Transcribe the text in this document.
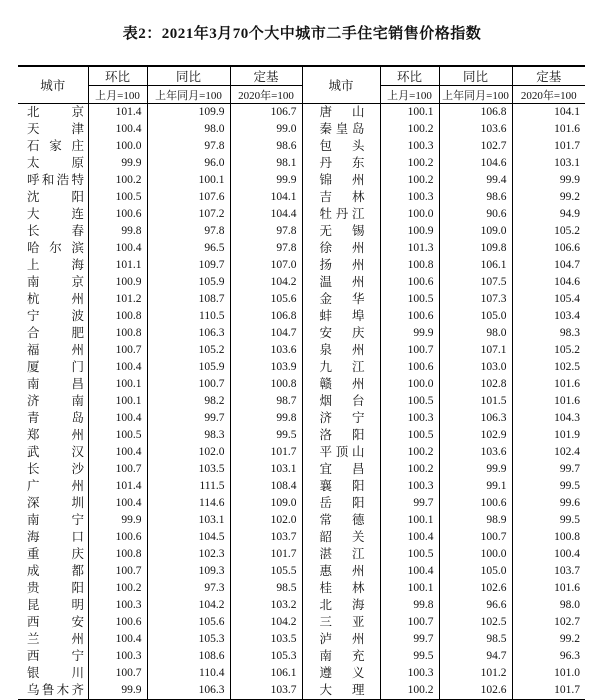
表2：2021年3月70个大中城市二手住宅销售价格指数
城市	环比	同比	定基	城市	环比	同比	定基
	上月=100	上年同月=100	2020年=100		上月=100	上年同月=100	2020年=100

北 京	101.4	109.9	106.7	唐 山	100.1	106.8	104.1

天 津	100.4	98.0	99.0	秦 皇 岛	100.2	103.6	101.6

石 家 庄	100.0	97.8	98.6	包 头	100.3	102.7	101.7

太 原	99.9	96.0	98.1	丹 东	100.2	104.6	103.1

呼 和 浩 特	100.2	100.1	99.9	锦 州	100.2	99.4	99.9

沈 阳	100.5	107.6	104.1	吉 林	100.3	98.6	99.2

大 连	100.6	107.2	104.4	牡 丹 江	100.0	90.6	94.9

长 春	99.8	97.8	97.8	无 锡	100.9	109.0	105.2

哈 尔 滨	100.4	96.5	97.8	徐 州	101.3	109.8	106.6

上 海	101.1	109.7	107.0	扬 州	100.8	106.1	104.7

南 京	100.9	105.9	104.2	温 州	100.6	107.5	104.6

杭 州	101.2	108.7	105.6	金 华	100.5	107.3	105.4

宁 波	100.8	110.5	106.8	蚌 埠	100.6	105.0	103.4

合 肥	100.8	106.3	104.7	安 庆	99.9	98.0	98.3

福 州	100.7	105.2	103.6	泉 州	100.7	107.1	105.2

厦 门	100.4	105.9	103.9	九 江	100.6	103.0	102.5

南 昌	100.1	100.7	100.8	赣 州	100.0	102.8	101.6

济 南	100.1	98.2	98.7	烟 台	100.5	101.5	101.6

青 岛	100.4	99.7	99.8	济 宁	100.3	106.3	104.3

郑 州	100.5	98.3	99.5	洛 阳	100.5	102.9	101.9

武 汉	100.4	102.0	101.7	平 顶 山	100.2	103.6	102.4

长 沙	100.7	103.5	103.1	宜 昌	100.2	99.9	99.7

广 州	101.4	111.5	108.4	襄 阳	100.3	99.1	99.5

深 圳	100.4	114.6	109.0	岳 阳	99.7	100.6	99.6

南 宁	99.9	103.1	102.0	常 德	100.1	98.9	99.5

海 口	100.6	104.5	103.7	韶 关	100.4	100.7	100.8

重 庆	100.8	102.3	101.7	湛 江	100.5	100.0	100.4

成 都	100.7	109.3	105.5	惠 州	100.4	105.0	103.7

贵 阳	100.2	97.3	98.5	桂 林	100.1	102.6	101.6

昆 明	100.3	104.2	103.2	北 海	99.8	96.6	98.0

西 安	100.6	105.6	104.2	三 亚	100.7	102.5	102.7

兰 州	100.4	105.3	103.5	泸 州	99.7	98.5	99.2

西 宁	100.3	108.6	105.3	南 充	99.5	94.7	96.3

银 川	100.7	110.4	106.1	遵 义	100.3	101.2	101.0

乌 鲁 木 齐	99.9	106.3	103.7	大 理	100.2	102.6	101.7
